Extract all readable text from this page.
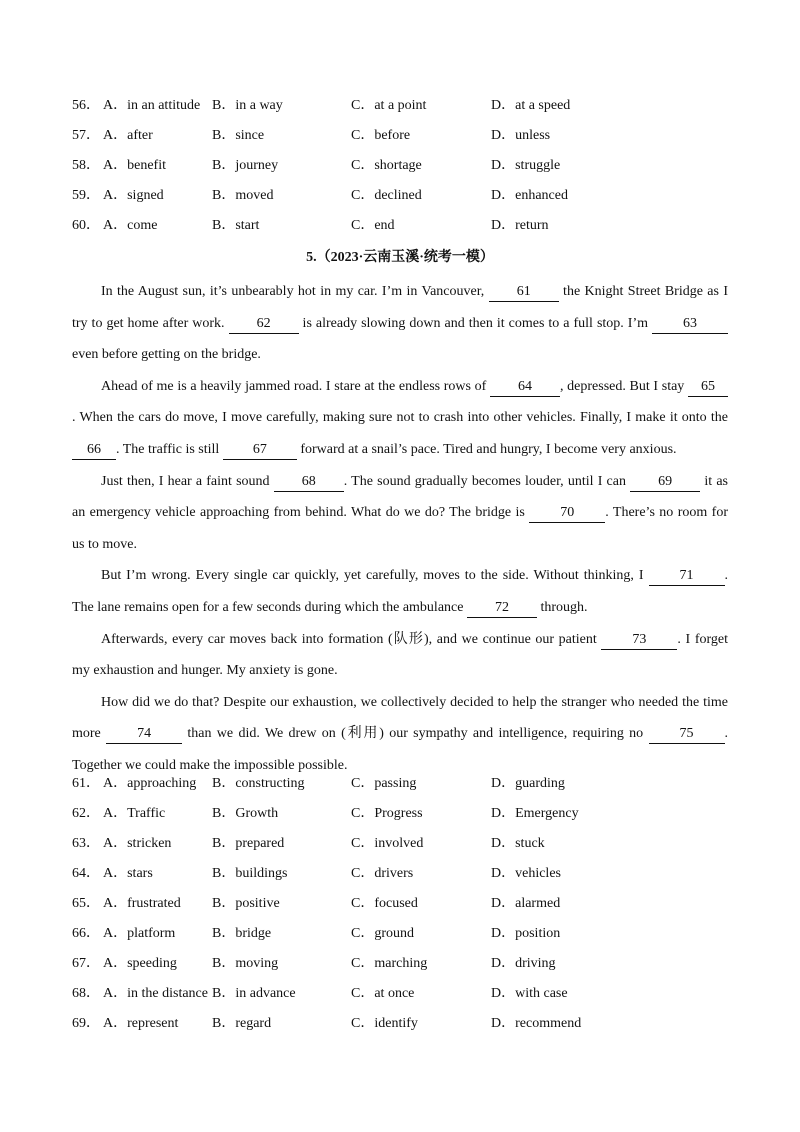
56． A．in an attitude B．in a way	C．at a point	D．at a speed
57． A．after	B．since	C．before	D．unless
58． A．benefit	B．journey	C．shortage	D．struggle
59． A．signed	B．moved	C．declined	D．enhanced
60． A．come	B．start	C．end	D．return
5.（2023·云南玉溪·统考一模）

In the August sun, it’s unbearably hot in my car. I’m in Vancouver, 61 the Knight Street Bridge as I try to get home after work. 62 is already slowing down and then it comes to a full stop. I’m 63 even before getting on the bridge.

Ahead of me is a heavily jammed road. I stare at the endless rows of 64 , depressed. But I stay 65. When the cars do move, I move carefully, making sure not to crash into other vehicles. Finally, I make it onto the 66 . The traffic is still 67 forward at a snail’s pace. Tired and hungry, I become very anxious.

Just then, I hear a faint sound 68 . The sound gradually becomes louder, until I can 69 it as an emergency vehicle approaching from behind. What do we do? The bridge is 70 . There’s no room for us to move.

But I’m wrong. Every single car quickly, yet carefully, moves to the side. Without thinking, I 71 . The lane remains open for a few seconds during which the ambulance 72 through.

Afterwards, every car moves back into formation (队形), and we continue our patient 73 . I forget my exhaustion and hunger. My anxiety is gone.

How did we do that? Despite our exhaustion, we collectively decided to help the stranger who needed the time more 74 than we did. We drew on (利用) our sympathy and intelligence, requiring no 75 . Together we could make the impossible possible.

61． A．approaching B．constructing	C．passing	D．guarding
62． A．Traffic	B．Growth	C．Progress	D．Emergency
63． A．stricken	B．prepared	C．involved	D．stuck
64． A．stars	B．buildings	C．drivers	D．vehicles
65． A．frustrated B．positive	C．focused	D．alarmed
66． A．platform	B．bridge	C．ground	D．position
67． A．speeding	B．moving	C．marching	D．driving
68． A．in the distance B．in advance	C．at once	D．with case
69． A．represent B．regard	C．identify	D．recommend
